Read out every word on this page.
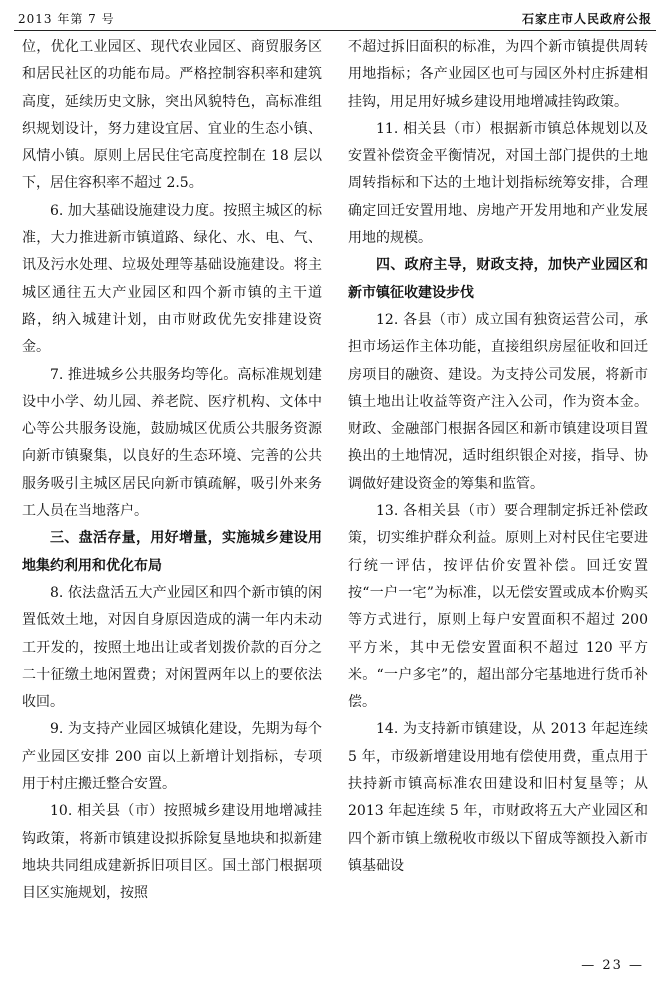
2013 年第 7 号	石家庄市人民政府公报

位，优化工业园区、现代农业园区、商贸服务区和居民社区的功能布局。严格控制容积率和建筑高度，延续历史文脉，突出风貌特色，高标准组织规划设计，努力建设宜居、宜业的生态小镇、风情小镇。原则上居民住宅高度控制在 18 层以下，居住容积率不超过 2.5。

6. 加大基础设施建设力度。按照主城区的标准，大力推进新市镇道路、绿化、水、电、气、讯及污水处理、垃圾处理等基础设施建设。将主城区通往五大产业园区和四个新市镇的主干道路，纳入城建计划，由市财政优先安排建设资金。

7. 推进城乡公共服务均等化。高标准规划建设中小学、幼儿园、养老院、医疗机构、文体中心等公共服务设施，鼓励城区优质公共服务资源向新市镇聚集，以良好的生态环境、完善的公共服务吸引主城区居民向新市镇疏解，吸引外来务工人员在当地落户。

三、盘活存量，用好增量，实施城乡建设用地集约利用和优化布局

8. 依法盘活五大产业园区和四个新市镇的闲置低效土地，对因自身原因造成的满一年内未动工开发的，按照土地出让或者划拨价款的百分之二十征缴土地闲置费；对闲置两年以上的要依法收回。

9. 为支持产业园区城镇化建设，先期为每个产业园区安排 200 亩以上新增计划指标，专项用于村庄搬迁整合安置。

10. 相关县（市）按照城乡建设用地增减挂钩政策，将新市镇建设拟拆除复垦地块和拟新建地块共同组成建新拆旧项目区。国土部门根据项目区实施规划，按照

不超过拆旧面积的标准，为四个新市镇提供周转用地指标；各产业园区也可与园区外村庄拆建相挂钩，用足用好城乡建设用地增减挂钩政策。

11. 相关县（市）根据新市镇总体规划以及安置补偿资金平衡情况，对国土部门提供的土地周转指标和下达的土地计划指标统筹安排，合理确定回迁安置用地、房地产开发用地和产业发展用地的规模。

四、政府主导，财政支持，加快产业园区和新市镇征收建设步伐

12. 各县（市）成立国有独资运营公司，承担市场运作主体功能，直接组织房屋征收和回迁房项目的融资、建设。为支持公司发展，将新市镇土地出让收益等资产注入公司，作为资本金。财政、金融部门根据各园区和新市镇建设项目置换出的土地情况，适时组织银企对接，指导、协调做好建设资金的筹集和监管。

13. 各相关县（市）要合理制定拆迁补偿政策，切实维护群众利益。原则上对村民住宅要进行统一评估，按评估价安置补偿。回迁安置按“一户一宅”为标准，以无偿安置或成本价购买等方式进行，原则上每户安置面积不超过 200 平方米，其中无偿安置面积不超过 120 平方米。“一户多宅”的，超出部分宅基地进行货币补偿。

14. 为支持新市镇建设，从 2013 年起连续 5 年，市级新增建设用地有偿使用费，重点用于扶持新市镇高标准农田建设和旧村复垦等；从 2013 年起连续 5 年，市财政将五大产业园区和四个新市镇上缴税收市级以下留成等额投入新市镇基础设

— 23 —
